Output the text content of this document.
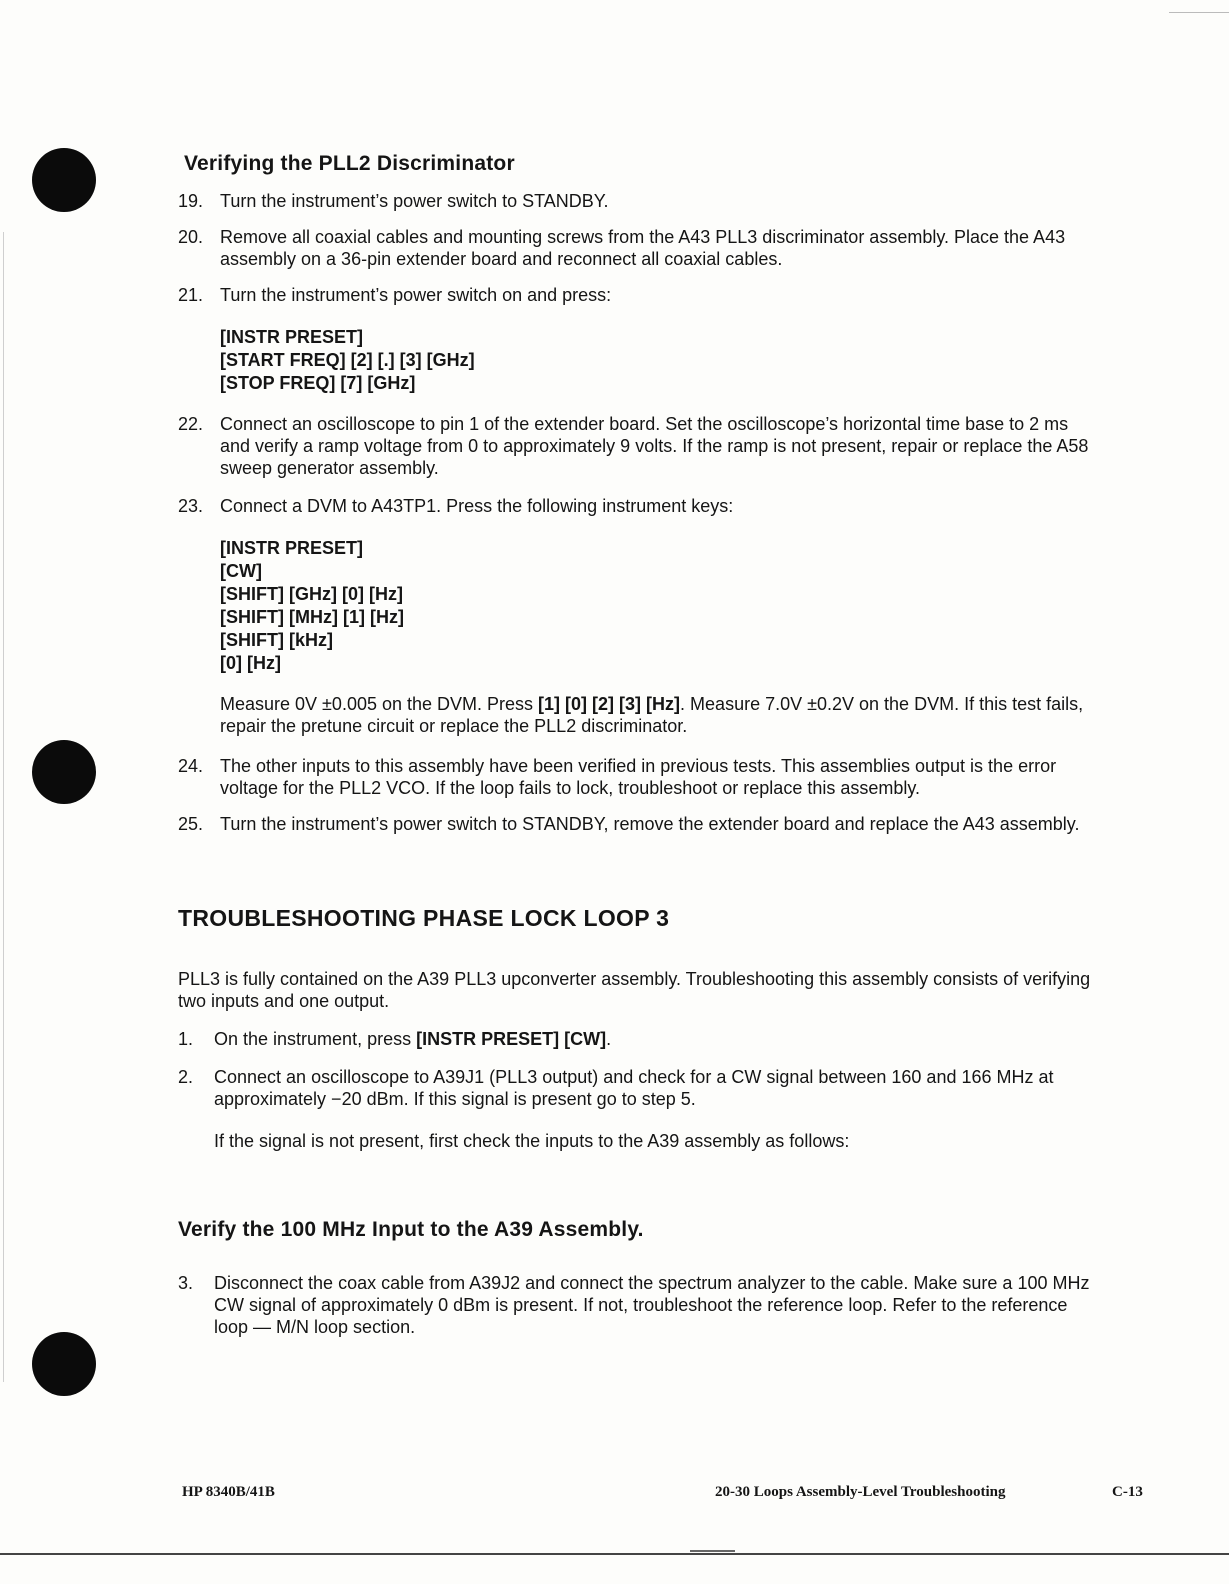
Verifying the PLL2 Discriminator
19. Turn the instrument’s power switch to STANDBY.
20. Remove all coaxial cables and mounting screws from the A43 PLL3 discriminator assembly. Place the A43 assembly on a 36-pin extender board and reconnect all coaxial cables.
21. Turn the instrument’s power switch on and press:
[INSTR PRESET]
[START FREQ] [2] [.] [3] [GHz]
[STOP FREQ] [7] [GHz]
22. Connect an oscilloscope to pin 1 of the extender board. Set the oscilloscope’s horizontal time base to 2 ms and verify a ramp voltage from 0 to approximately 9 volts. If the ramp is not present, repair or replace the A58 sweep generator assembly.
23. Connect a DVM to A43TP1. Press the following instrument keys:
[INSTR PRESET]
[CW]
[SHIFT] [GHz] [0] [Hz]
[SHIFT] [MHz] [1] [Hz]
[SHIFT] [kHz]
[0] [Hz]
Measure 0V ±0.005 on the DVM. Press [1] [0] [2] [3] [Hz]. Measure 7.0V ±0.2V on the DVM. If this test fails, repair the pretune circuit or replace the PLL2 discriminator.
24. The other inputs to this assembly have been verified in previous tests. This assemblies output is the error voltage for the PLL2 VCO. If the loop fails to lock, troubleshoot or replace this assembly.
25. Turn the instrument’s power switch to STANDBY, remove the extender board and replace the A43 assembly.
TROUBLESHOOTING PHASE LOCK LOOP 3

PLL3 is fully contained on the A39 PLL3 upconverter assembly. Troubleshooting this assembly consists of verifying two inputs and one output.

1. On the instrument, press [INSTR PRESET] [CW].
2. Connect an oscilloscope to A39J1 (PLL3 output) and check for a CW signal between 160 and 166 MHz at approximately −20 dBm. If this signal is present go to step 5.
If the signal is not present, first check the inputs to the A39 assembly as follows:
Verify the 100 MHz Input to the A39 Assembly.
3. Disconnect the coax cable from A39J2 and connect the spectrum analyzer to the cable. Make sure a 100 MHz CW signal of approximately 0 dBm is present. If not, troubleshoot the reference loop. Refer to the reference loop — M/N loop section.
HP 8340B/41B	20-30 Loops Assembly-Level Troubleshooting	C-13
